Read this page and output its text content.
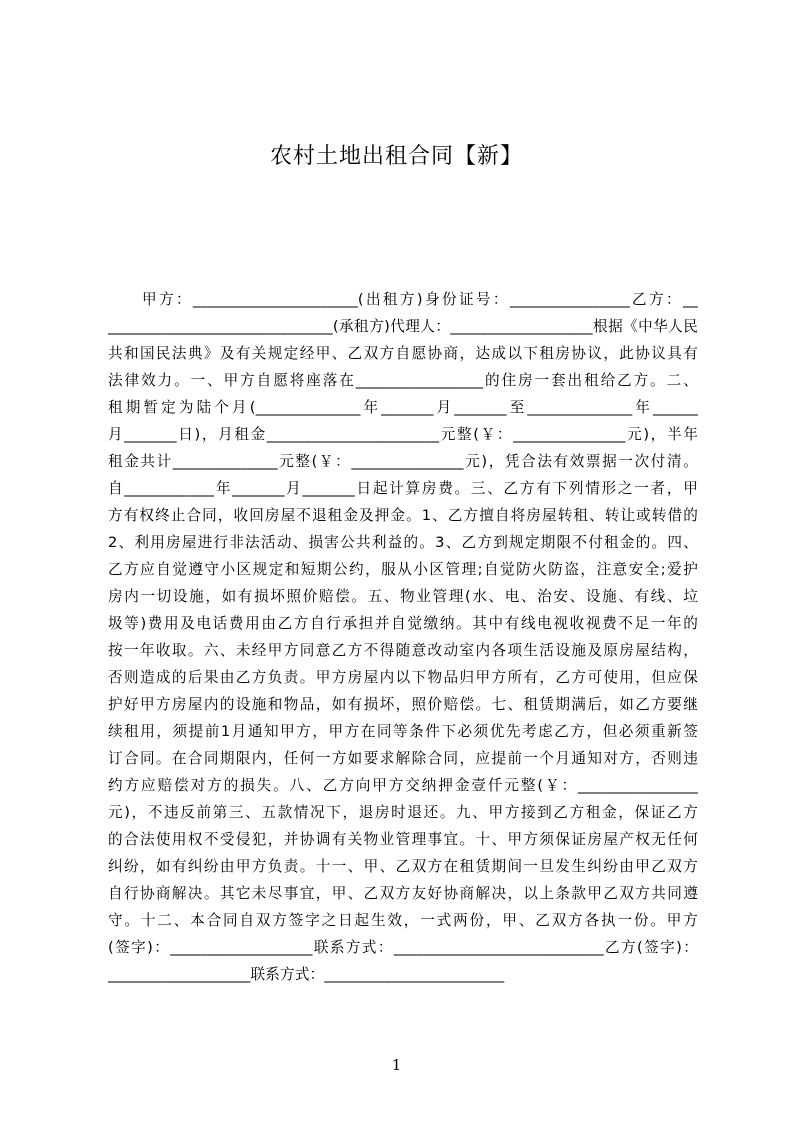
农村土地出租合同【新】
　　甲方：______________________(出租方)身份证号：________________乙方：__
______________________________(承租方)代理人：___________________根据《中华人民
共和国民法典》及有关规定经甲、乙双方自愿协商，达成以下租房协议，此协议具有
法律效力。一、甲方自愿将座落在_________________的住房一套出租给乙方。二、
租期暂定为陆个月(______________年_______月_______至______________年______
月_______日)，月租金_______________________元整(￥：_______________元)，半年
租金共计______________元整(￥：_______________元)，凭合法有效票据一次付清。
自____________年_______月_______日起计算房费。三、乙方有下列情形之一者，甲
方有权终止合同，收回房屋不退租金及押金。1、乙方擅自将房屋转租、转让或转借的
2、利用房屋进行非法活动、损害公共利益的。3、乙方到规定期限不付租金的。四、
乙方应自觉遵守小区规定和短期公约，服从小区管理;自觉防火防盗，注意安全;爱护
房内一切设施，如有损坏照价赔偿。五、物业管理(水、电、治安、设施、有线、垃
圾等)费用及电话费用由乙方自行承担并自觉缴纳。其中有线电视收视费不足一年的
按一年收取。六、未经甲方同意乙方不得随意改动室内各项生活设施及原房屋结构，
否则造成的后果由乙方负责。甲方房屋内以下物品归甲方所有，乙方可使用，但应保
护好甲方房屋内的设施和物品，如有损坏，照价赔偿。七、租赁期满后，如乙方要继
续租用，须提前1月通知甲方，甲方在同等条件下必须优先考虑乙方，但必须重新签
订合同。在合同期限内，任何一方如要求解除合同，应提前一个月通知对方，否则违
约方应赔偿对方的损失。八、乙方向甲方交纳押金壹仟元整(￥：________________
元)，不违反前第三、五款情况下，退房时退还。九、甲方接到乙方租金，保证乙方
的合法使用权不受侵犯，并协调有关物业管理事宜。十、甲方须保证房屋产权无任何
纠纷，如有纠纷由甲方负责。十一、甲、乙双方在租赁期间一旦发生纠纷由甲乙双方
自行协商解决。其它未尽事宜，甲、乙双方友好协商解决，以上条款甲乙双方共同遵
守。十二、本合同自双方签字之日起生效，一式两份，甲、乙双方各执一份。甲方
(签字)：___________________联系方式：____________________________乙方(签字)：
___________________联系方式：________________________
1
